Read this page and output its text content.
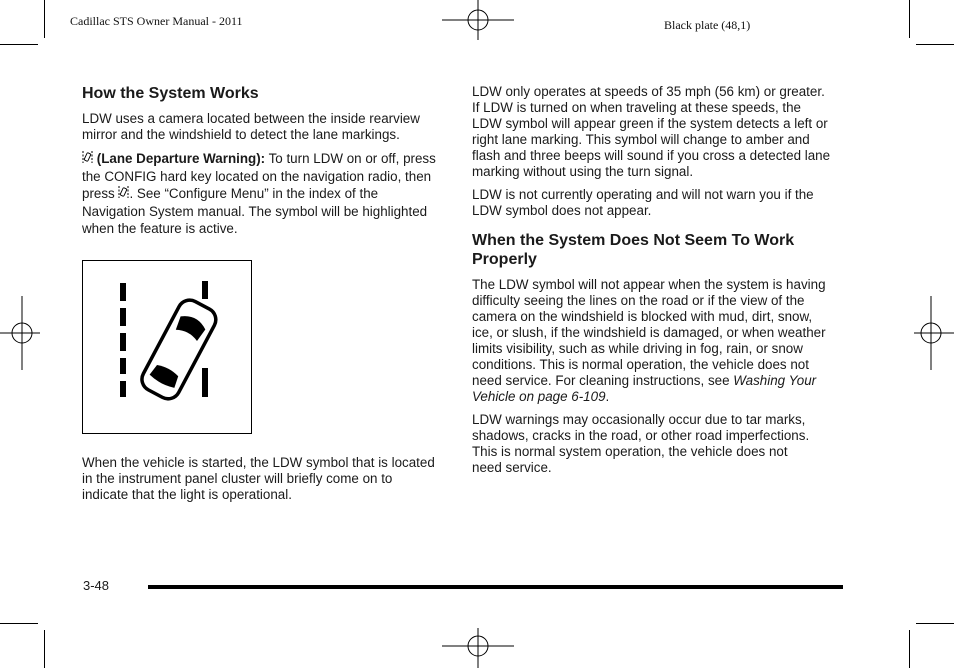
Cadillac STS Owner Manual - 2011	Black plate (48,1)
How the System Works

LDW uses a camera located between the inside rearview mirror and the windshield to detect the lane markings.

(Lane Departure Warning): To turn LDW on or off, press the CONFIG hard key located on the navigation radio, then press . See “Configure Menu” in the index of the Navigation System manual. The symbol will be highlighted when the feature is active.

When the vehicle is started, the LDW symbol that is located in the instrument panel cluster will briefly come on to indicate that the light is operational.

LDW only operates at speeds of 35 mph (56 km) or greater. If LDW is turned on when traveling at these speeds, the LDW symbol will appear green if the system detects a left or right lane marking. This symbol will change to amber and flash and three beeps will sound if you cross a detected lane marking without using the turn signal.

LDW is not currently operating and will not warn you if the LDW symbol does not appear.

When the System Does Not Seem To Work Properly

The LDW symbol will not appear when the system is having difficulty seeing the lines on the road or if the view of the camera on the windshield is blocked with mud, dirt, snow, ice, or slush, if the windshield is damaged, or when weather limits visibility, such as while driving in fog, rain, or snow conditions. This is normal operation, the vehicle does not need service. For cleaning instructions, see Washing Your Vehicle on page 6-109.

LDW warnings may occasionally occur due to tar marks, shadows, cracks in the road, or other road imperfections. This is normal system operation, the vehicle does not need service.

3-48
